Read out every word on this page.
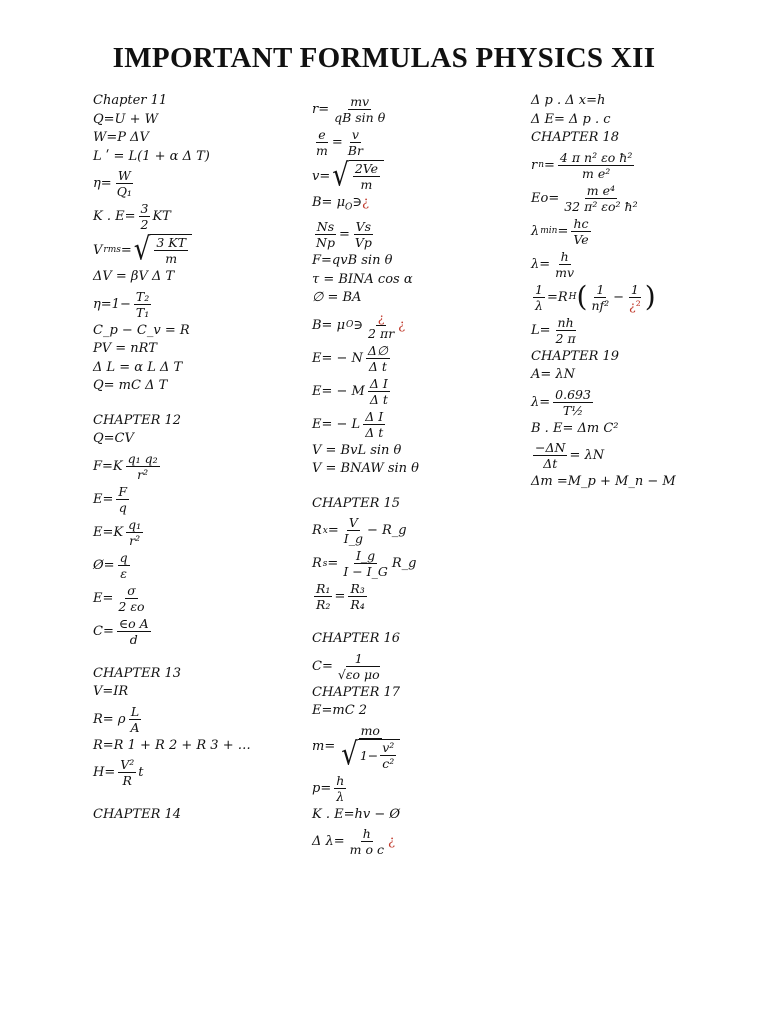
IMPORTANT FORMULAS PHYSICS XII
Chapter 11
Q=U + W
W=P ΔV
L ʹ = L(1 + α Δ T)
$\eta= \frac{W}{\text{Q₁}}$
K . $E= \frac{3}{2}$ KT
V rms = √ 3 KT
m
ΔV = βV Δ T
$\eta=1- \frac{\text{T₂}}{\text{T₁}}$
C_p − C_v = R
PV = nRT
Δ L = α L Δ T
Q= mC Δ T
CHAPTER 12
Q=CV
F=K
q₁ q₂
r²
$E= \frac{F}{q}$
E=K
q₁
r²
Ø= $\frac{q}{\varepsilon}$
$E= \frac{\sigma}{2 \varepsilon o}$
$C= \frac{\text{∈o A}}{d}$
CHAPTER 13
V=IR
R= ρ
L
A
R=R 1 + R 2 + R 3 + …
$H= \frac{\text{V²}}{R}$ t
CHAPTER 14
$r= \frac{mv}{\text{qB sin θ}}$
$\frac{e}{m} = \frac{v}{Br}$
v= √ 2Ve
m
$B= \mu_O∋¿$
$\frac{Ns}{Np} = \frac{Vs}{Vp}$
F=qvB sin θ
τ = BINA cos α
∅ = BA
B= μ O ∋
¿
2 πr
¿
E= − N
Δ∅
Δ t
E= − M
Δ I
Δ t
E= − L
Δ I
Δ t
V = BvL sin θ
V = BNAW sin θ
CHAPTER 15
R $x = \frac{V}{I\_g}$ − R_g
R $s = \frac{I\_g}{I - I\_G}$ R_g
$\frac{\text{R₁}}{\text{R₂}} = \frac{\text{R₃}}{\text{R₄}}$
CHAPTER 16
$C= \frac{1}{\text{√εo μo}}$
CHAPTER 17
E=mC 2
$m= \frac{mo}{√ 1- \frac{\text{v²}}{\text{c²}}}$
$p= \frac{h}{\lambda}$
K . E=hv − Ø
Δ $\lambda= \frac{h}{\text{m o c}}$ ¿
Δ p . Δ x=h
Δ E= Δ p . c
CHAPTER 18
r $n = \frac{\text{4 π n² εo ħ²}}{\text{m e²}}$
$Eo= \frac{\text{m e⁴}}{\text{32 π² εo² ħ²}}$
λ $\min = \frac{hc}{Ve}$
$\lambda= \frac{h}{mv}$
$\frac{1}{\lambda} =R$ H ( 1
nf²
−
1
¿² )
$L= \frac{nh}{2 \pi}$
CHAPTER 19
A= λN
$\lambda= \frac{0.693}{\text{T½}}$
B . E= Δm C²
$\frac{-\Delta N}{\Delta t} = \lambda N$
Δm =M_p + M_n − M
